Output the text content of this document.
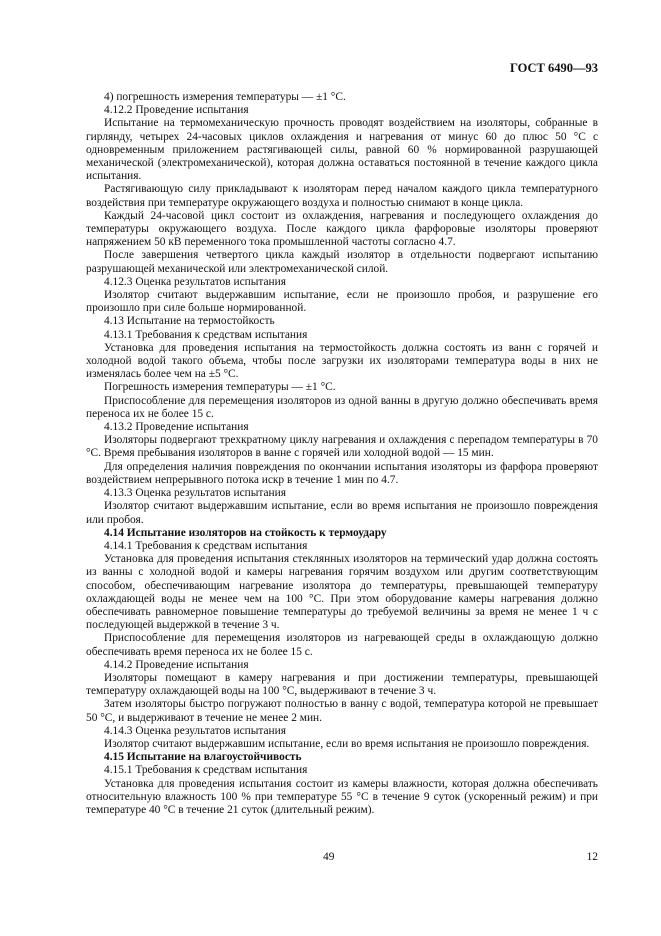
ГОСТ 6490—93

4) погрешность измерения температуры — ±1 °С.

4.12.2 Проведение испытания

Испытание на термомеханическую прочность проводят воздействием на изоляторы, собранные в гирлянду, четырех 24-часовых циклов охлаждения и нагревания от минус 60 до плюс 50 °С с одновременным приложением растягивающей силы, равной 60 % нормированной разрушающей механической (электромеханической), которая должна оставаться постоянной в течение каждого цикла испытания.

Растягивающую силу прикладывают к изоляторам перед началом каждого цикла температурного воздействия при температуре окружающего воздуха и полностью снимают в конце цикла.

Каждый 24-часовой цикл состоит из охлаждения, нагревания и последующего охлаждения до температуры окружающего воздуха. После каждого цикла фарфоровые изоляторы проверяют напряжением 50 кВ переменного тока промышленной частоты согласно 4.7.

После завершения четвертого цикла каждый изолятор в отдельности подвергают испытанию разрушающей механической или электромеханической силой.

4.12.3 Оценка результатов испытания

Изолятор считают выдержавшим испытание, если не произошло пробоя, и разрушение его произошло при силе больше нормированной.

4.13 Испытание на термостойкость

4.13.1 Требования к средствам испытания

Установка для проведения испытания на термостойкость должна состоять из ванн с горячей и холодной водой такого объема, чтобы после загрузки их изоляторами температура воды в них не изменялась более чем на ±5 °С.

Погрешность измерения температуры — ±1 °С.

Приспособление для перемещения изоляторов из одной ванны в другую должно обеспечивать время переноса их не более 15 с.

4.13.2 Проведение испытания

Изоляторы подвергают трехкратному циклу нагревания и охлаждения с перепадом температуры в 70 °С. Время пребывания изоляторов в ванне с горячей или холодной водой — 15 мин.

Для определения наличия повреждения по окончании испытания изоляторы из фарфора проверяют воздействием непрерывного потока искр в течение 1 мин по 4.7.

4.13.3 Оценка результатов испытания

Изолятор считают выдержавшим испытание, если во время испытания не произошло повреждения или пробоя.

4.14 Испытание изоляторов на стойкость к термоудару

4.14.1 Требования к средствам испытания

Установка для проведения испытания стеклянных изоляторов на термический удар должна состоять из ванны с холодной водой и камеры нагревания горячим воздухом или другим соответствующим способом, обеспечивающим нагревание изолятора до температуры, превышающей температуру охлаждающей воды не менее чем на 100 °С. При этом оборудование камеры нагревания должно обеспечивать равномерное повышение температуры до требуемой величины за время не менее 1 ч с последующей выдержкой в течение 3 ч.

Приспособление для перемещения изоляторов из нагревающей среды в охлаждающую должно обеспечивать время переноса их не более 15 с.

4.14.2 Проведение испытания

Изоляторы помещают в камеру нагревания и при достижении температуры, превышающей температуру охлаждающей воды на 100 °С, выдерживают в течение 3 ч.

Затем изоляторы быстро погружают полностью в ванну с водой, температура которой не превышает 50 °С, и выдерживают в течение не менее 2 мин.

4.14.3 Оценка результатов испытания

Изолятор считают выдержавшим испытание, если во время испытания не произошло повреждения.

4.15 Испытание на влагоустойчивость

4.15.1 Требования к средствам испытания

Установка для проведения испытания состоит из камеры влажности, которая должна обеспечивать относительную влажность 100 % при температуре 55 °С в течение 9 суток (ускоренный режим) и при температуре 40 °С в течение 21 суток (длительный режим).

49	12
